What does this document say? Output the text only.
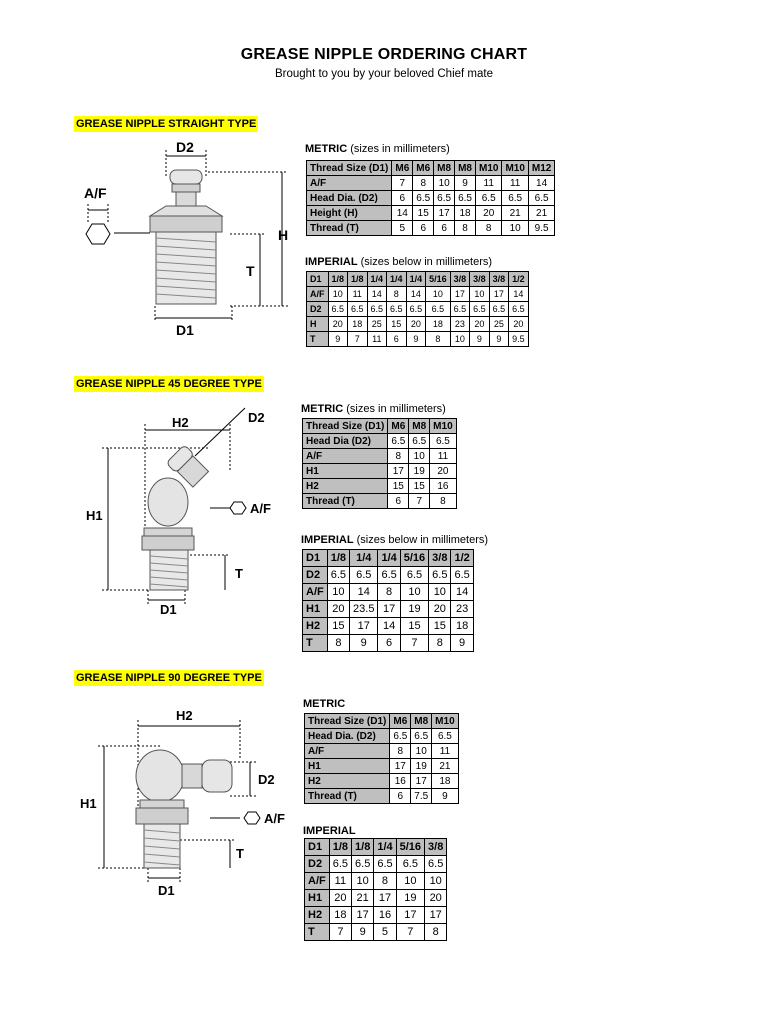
GREASE NIPPLE ORDERING CHART
Brought to you by your beloved Chief mate
GREASE NIPPLE STRAIGHT TYPE
D2
A/F
H
T
D1
METRIC (sizes in millimeters)
Thread Size (D1)	M6	M6	M8	M8	M10	M10	M12
A/F	7	8	10	9	11	11	14
Head Dia. (D2)	6	6.5	6.5	6.5	6.5	6.5	6.5
Height (H)	14	15	17	18	20	21	21
Thread (T)	5	6	6	8	8	10	9.5
IMPERIAL (sizes below in millimeters)
D1	1/8	1/8	1/4	1/4	1/4	5/16	3/8	3/8	3/8	1/2
A/F	10	11	14	8	14	10	17	10	17	14
D2	6.5	6.5	6.5	6.5	6.5	6.5	6.5	6.5	6.5	6.5
H	20	18	25	15	20	18	23	20	25	20
T	9	7	11	6	9	8	10	9	9	9.5
GREASE NIPPLE 45 DEGREE TYPE
H2	D2
H1	A/F
T
D1
METRIC (sizes in millimeters)
Thread Size (D1)	M6	M8	M10
Head Dia (D2)	6.5	6.5	6.5
A/F	8	10	11
H1	17	19	20
H2	15	15	16
Thread (T)	6	7	8
IMPERIAL (sizes below in millimeters)
D1	1/8	1/4	1/4	5/16	3/8	1/2
D2	6.5	6.5	6.5	6.5	6.5	6.5
A/F	10	14	8	10	10	14
H1	20	23.5	17	19	20	23
H2	15	17	14	15	15	18
T	8	9	6	7	8	9
GREASE NIPPLE 90 DEGREE TYPE
H2
D2
H1
A/F
T
D1
METRIC
Thread Size (D1)	M6	M8	M10
Head Dia. (D2)	6.5	6.5	6.5
A/F	8	10	11
H1	17	19	21
H2	16	17	18
Thread (T)	6	7.5	9
IMPERIAL
D1	1/8	1/8	1/4	5/16	3/8
D2	6.5	6.5	6.5	6.5	6.5
A/F	11	10	8	10	10
H1	20	21	17	19	20
H2	18	17	16	17	17
T	7	9	5	7	8
